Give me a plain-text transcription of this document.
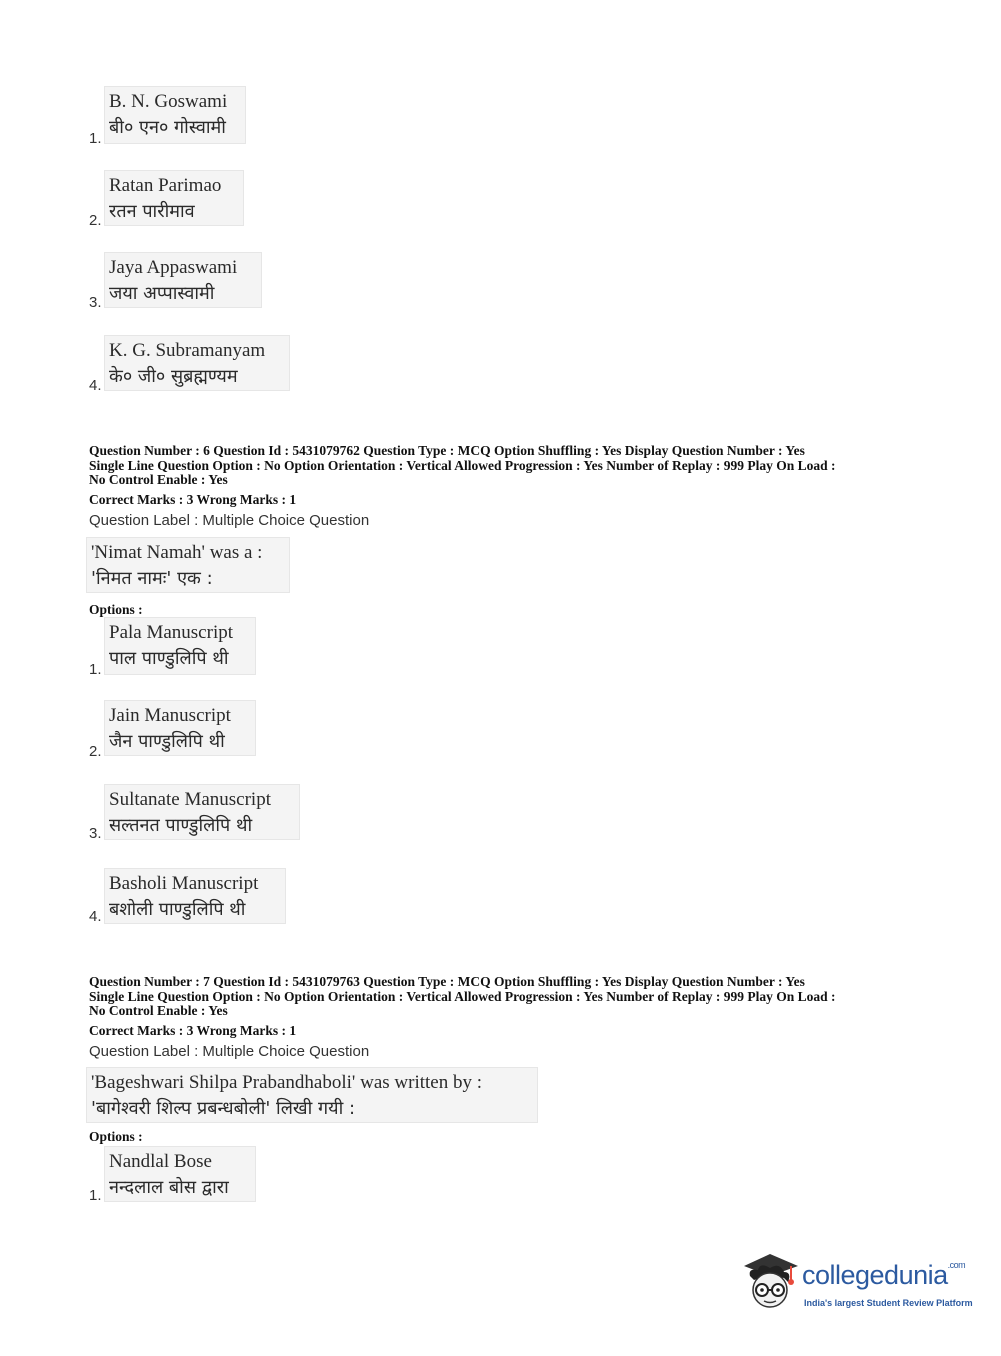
B. N. Goswami
बी० एन० गोस्वामी
1.
Ratan Parimao
रतन पारीमाव
2.
Jaya Appaswami
जया अप्पास्वामी
3.
K. G. Subramanyam
के० जी० सुब्रह्मण्यम
4.
Question Number : 6 Question Id : 5431079762 Question Type : MCQ Option Shuffling : Yes Display Question Number : Yes
Single Line Question Option : No Option Orientation : Vertical Allowed Progression : Yes Number of Replay : 999 Play On Load :
No Control Enable : Yes
Correct Marks : 3 Wrong Marks : 1
Question Label : Multiple Choice Question
'Nimat Namah' was a :
'निमत नामः' एक :
Options :
Pala Manuscript
पाल पाण्डुलिपि थी
1.
Jain Manuscript
जैन पाण्डुलिपि थी
2.
Sultanate Manuscript
सल्तनत पाण्डुलिपि थी
3.
Basholi Manuscript
बशोली पाण्डुलिपि थी
4.
Question Number : 7 Question Id : 5431079763 Question Type : MCQ Option Shuffling : Yes Display Question Number : Yes
Single Line Question Option : No Option Orientation : Vertical Allowed Progression : Yes Number of Replay : 999 Play On Load :
No Control Enable : Yes
Correct Marks : 3 Wrong Marks : 1
Question Label : Multiple Choice Question
'Bageshwari Shilpa Prabandhaboli' was written by :
'बागेश्वरी शिल्प प्रबन्धबोली' लिखी गयी :
Options :
Nandlal Bose
नन्दलाल बोस द्वारा
1.
collegedunia$^{.com}$
India's largest Student Review Platform
